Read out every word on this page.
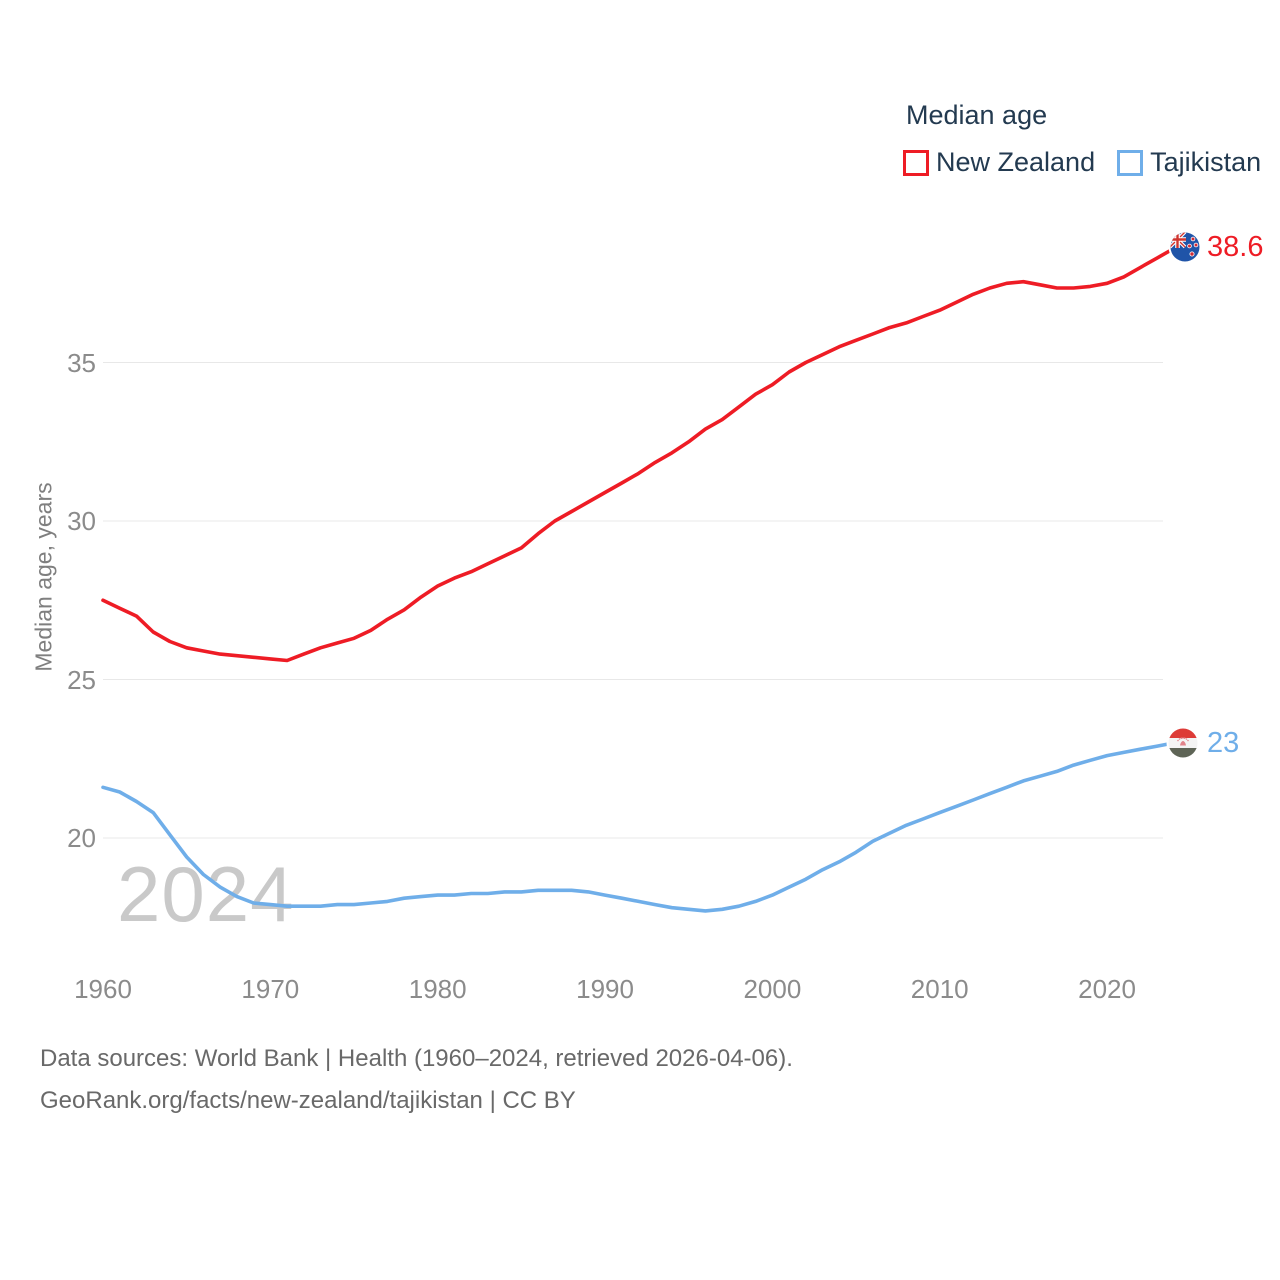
2024
Median age, years
35
30
25
20
1960	1970	1980	1990	2000	2010	2020
Median age
New Zealand Tajikistan
38.6
23
Data sources: World Bank | Health (1960–2024, retrieved 2026-04-06).
GeoRank.org/facts/new-zealand/tajikistan | CC BY
